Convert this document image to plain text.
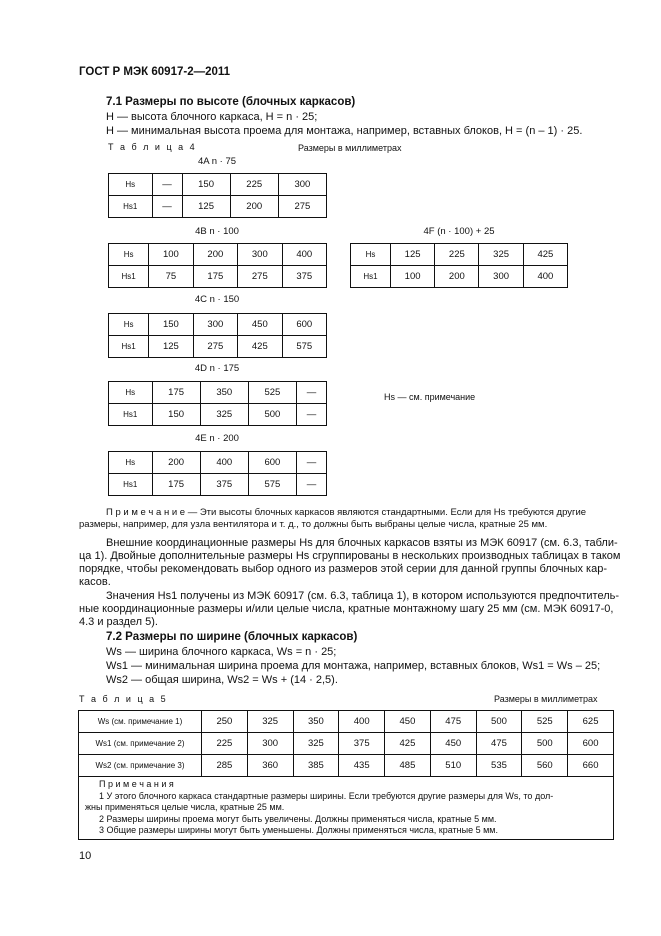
ГОСТ Р МЭК 60917-2—2011
7.1 Размеры по высоте (блочных каркасов)
H — высота блочного каркаса, H = n · 25;
H — минимальная высота проема для монтажа, например, вставных блоков, H = (n – 1) · 25.
Т а б л и ц а 4	Размеры в миллиметрах
4A n · 75
Hs	—	150	225	300
Hs1	—	125	200	275
4B n · 100
Hs	100	200	300	400
Hs1	75	175	275	375
4F (n · 100) + 25
Hs	125	225	325	425
Hs1	100	200	300	400
4C n · 150
Hs	150	300	450	600
Hs1	125	275	425	575
4D n · 175
Hs	175	350	525	—
Hs1	150	325	500	—
Hs — см. примечание
4E n · 200
Hs	200	400	600	—
Hs1	175	375	575	—
П р и м е ч а н и е — Эти высоты блочных каркасов являются стандартными. Если для Hs требуются другие
размеры, например, для узла вентилятора и т. д., то должны быть выбраны целые числа, кратные 25 мм.
Внешние координационные размеры Hs для блочных каркасов взяты из МЭК 60917 (см. 6.3, табли-
ца 1). Двойные дополнительные размеры Hs сгруппированы в нескольких производных таблицах в таком
порядке, чтобы рекомендовать выбор одного из размеров этой серии для данной группы блочных кар-
касов.
Значения Hs1 получены из МЭК 60917 (см. 6.3, таблица 1), в котором используются предпочтитель-
ные координационные размеры и/или целые числа, кратные монтажному шагу 25 мм (см. МЭК 60917-0,
4.3 и раздел 5).
7.2 Размеры по ширине (блочных каркасов)
Ws — ширина блочного каркаса, Ws = n · 25;
Ws1 — минимальная ширина проема для монтажа, например, вставных блоков, Ws1 = Ws – 25;
Ws2 — общая ширина, Ws2 = Ws + (14 · 2,5).
Т а б л и ц а 5	Размеры в миллиметрах
Ws (см. примечание 1)	250	325	350	400	450	475	500	525	625
Ws1 (см. примечание 2)	225	300	325	375	425	450	475	500	600
Ws2 (см. примечание 3)	285	360	385	435	485	510	535	560	660

П р и м е ч а н и я
1 У этого блочного каркаса стандартные размеры ширины. Если требуются другие размеры для Ws, то дол-
жны применяться целые числа, кратные 25 мм.
2 Размеры ширины проема могут быть увеличены. Должны применяться числа, кратные 5 мм.
3 Общие размеры ширины могут быть уменьшены. Должны применяться числа, кратные 5 мм.									
10
